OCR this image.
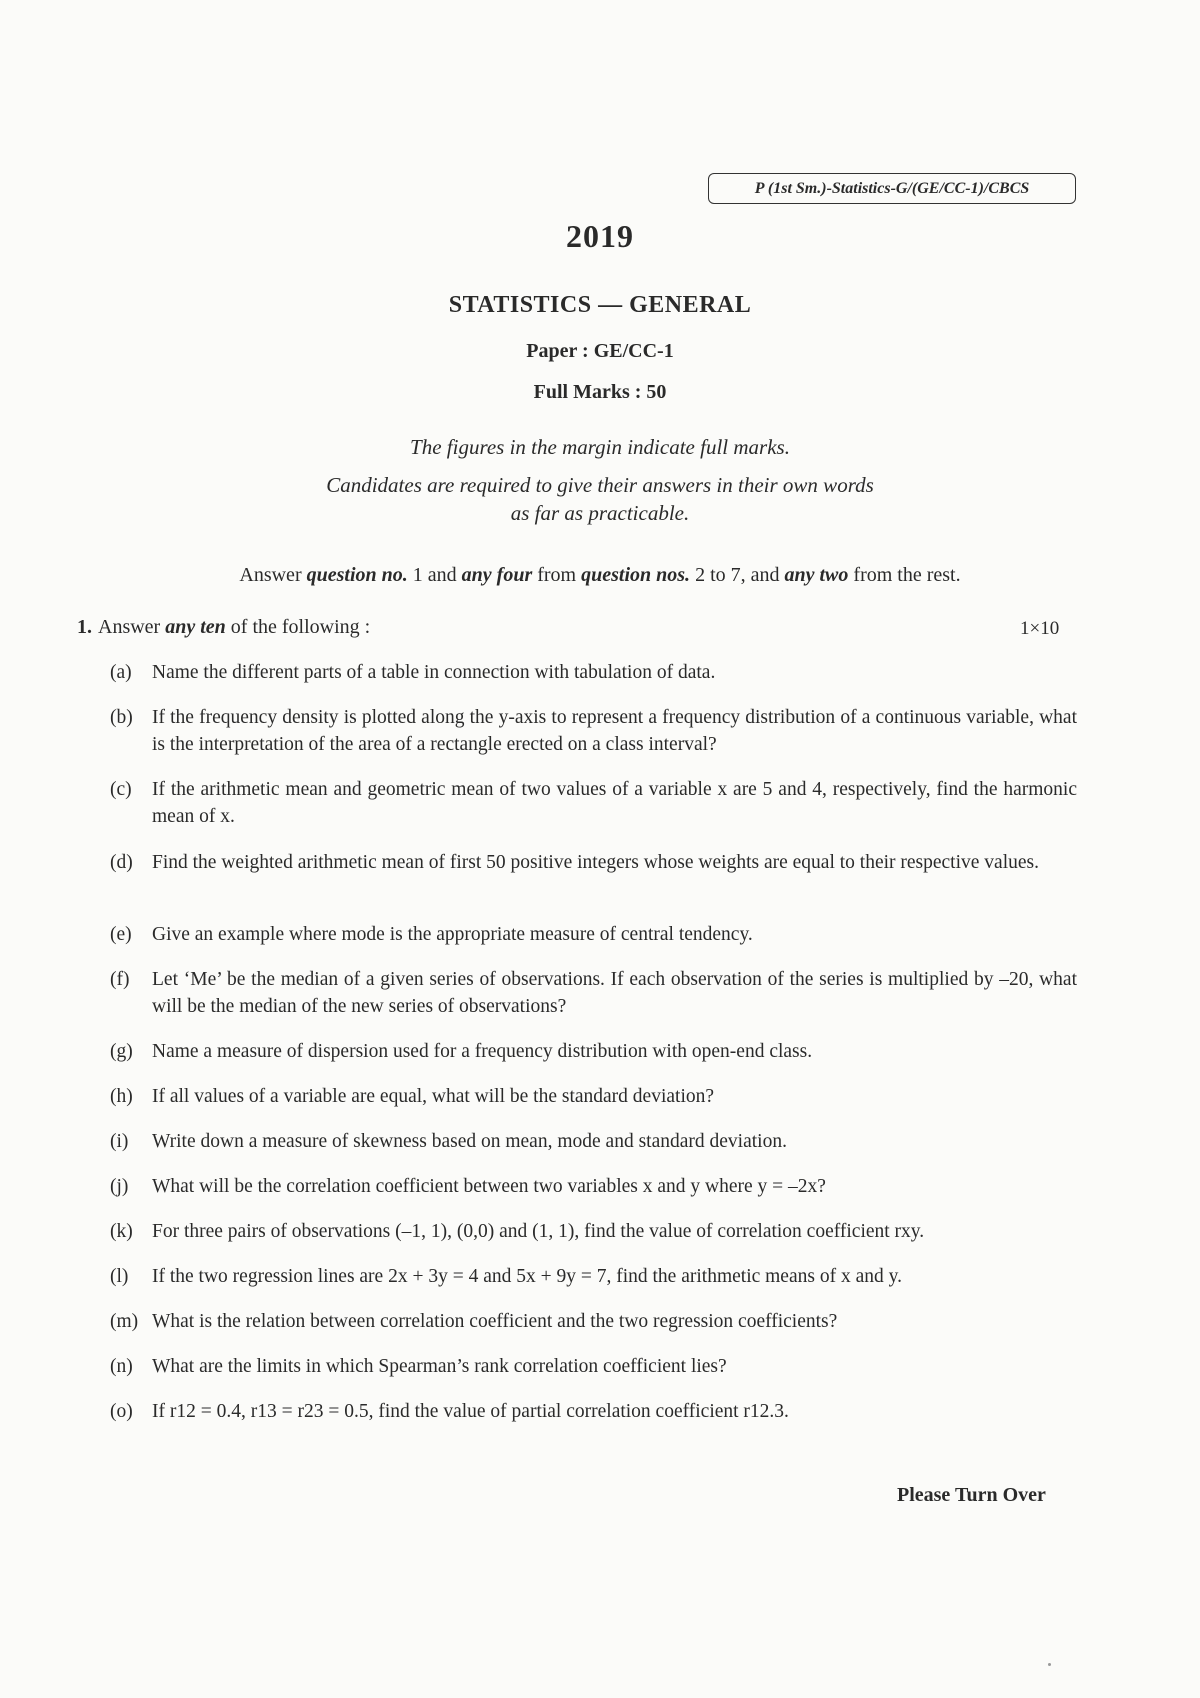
P (1st Sm.)-Statistics-G/(GE/CC-1)/CBCS
2019
STATISTICS — GENERAL
Paper : GE/CC-1
Full Marks : 50
The figures in the margin indicate full marks.
Candidates are required to give their answers in their own words
as far as practicable.
Answer question no. 1 and any four from question nos. 2 to 7, and any two from the rest.
1. Answer any ten of the following :	1×10
(a)	Name the different parts of a table in connection with tabulation of data.
(b) If the frequency density is plotted along the y-axis to represent a frequency distribution of a continuous variable, what is the interpretation of the area of a rectangle erected on a class interval?
(c)	If the arithmetic mean and geometric mean of two values of a variable x are 5 and 4, respectively, find the harmonic mean of x.
(d) Find the weighted arithmetic mean of first 50 positive integers whose weights are equal to their respective values.
(e)	Give an example where mode is the appropriate measure of central tendency.
(f)	Let ‘Me’ be the median of a given series of observations. If each observation of the series is multiplied by –20, what will be the median of the new series of observations?
(g) Name a measure of dispersion used for a frequency distribution with open-end class.
(h) If all values of a variable are equal, what will be the standard deviation?
(i)	Write down a measure of skewness based on mean, mode and standard deviation.
(j)	What will be the correlation coefficient between two variables x and y where y = –2x?
(k) For three pairs of observations (–1, 1), (0,0) and (1, 1), find the value of correlation coefficient rxy.
(l)	If the two regression lines are 2x + 3y = 4 and 5x + 9y = 7, find the arithmetic means of x and y.
(m) What is the relation between correlation coefficient and the two regression coefficients?
(n) What are the limits in which Spearman’s rank correlation coefficient lies?
(o) If r12 = 0.4, r13 = r23 = 0.5, find the value of partial correlation coefficient r12.3.
Please Turn Over
